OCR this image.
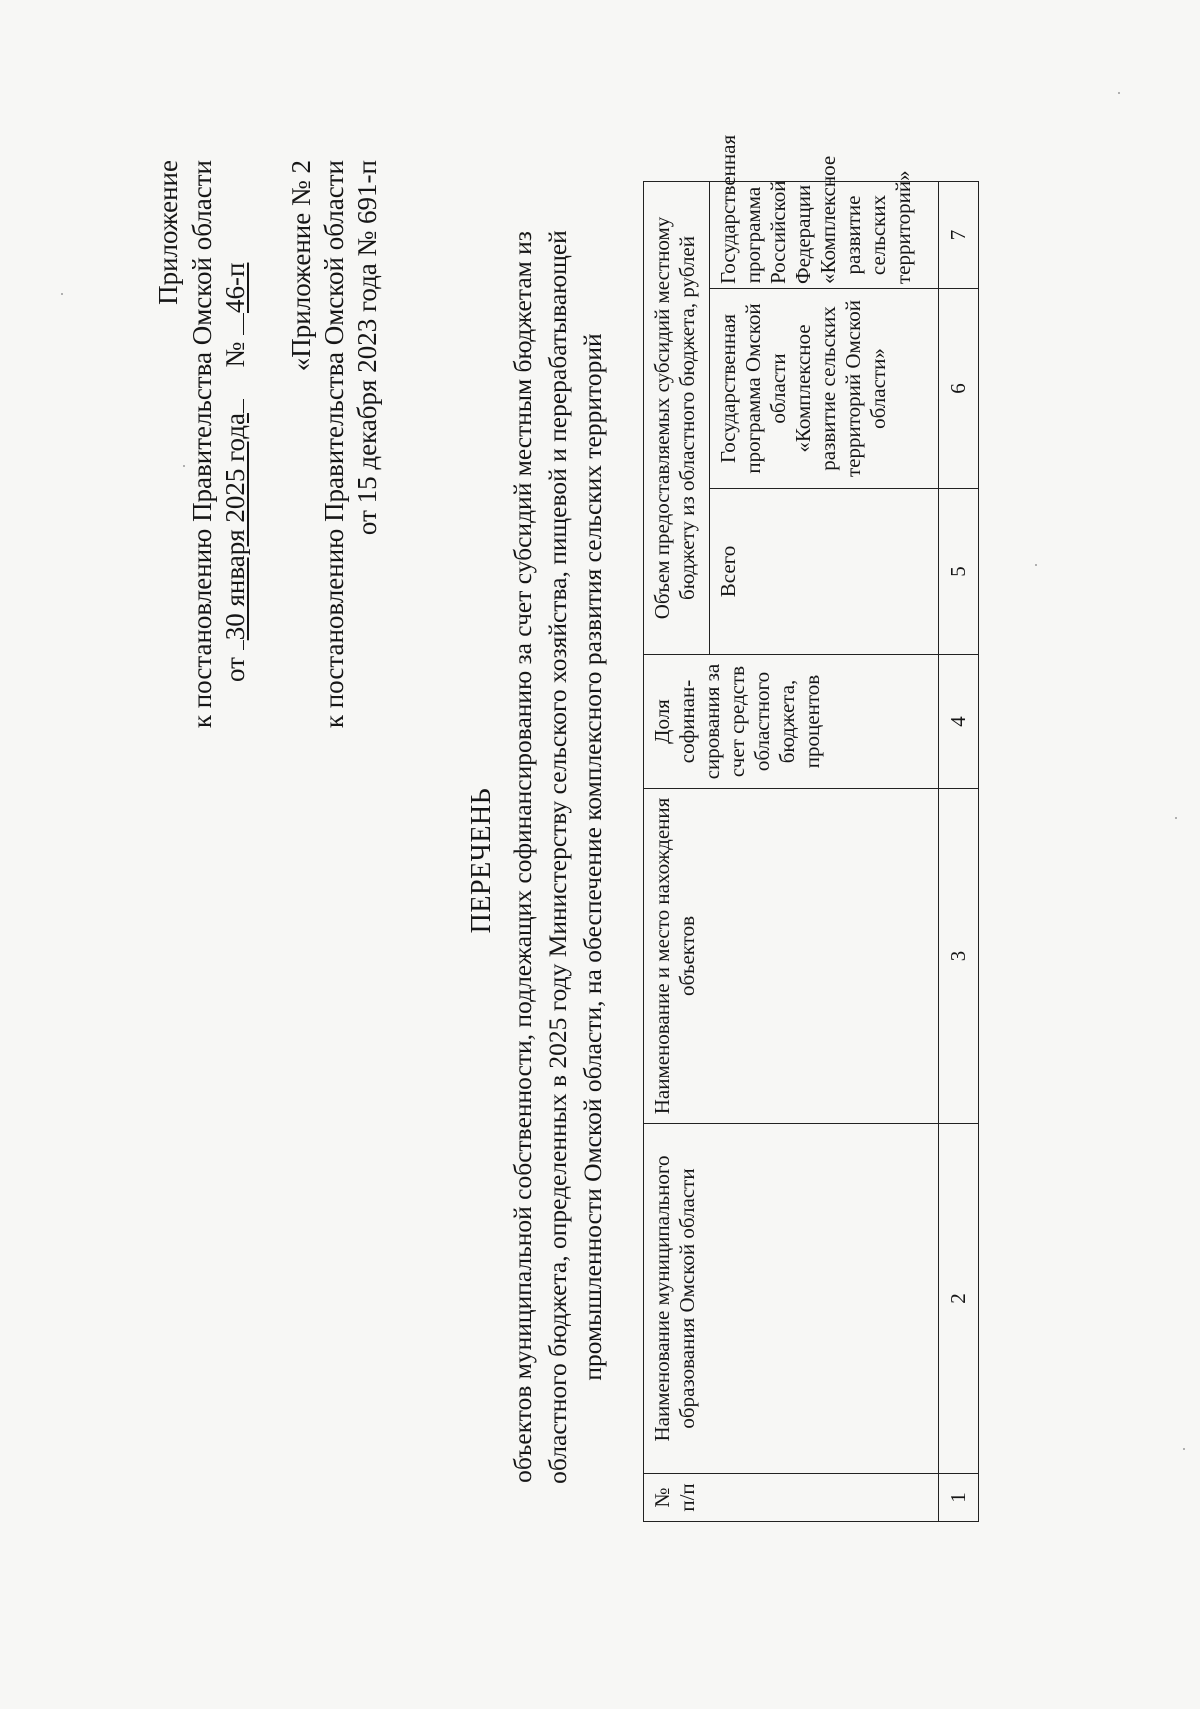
Приложение к постановлению Правительства Омской области от 30 января 2025 года  № 46-п «Приложение № 2 к постановлению Правительства Омской области от 15 декабря 2023 года № 691-п
ПЕРЕЧЕНЬ объектов муниципальной собственности, подлежащих софинансированию за счет субсидий местным бюджетам из областного бюджета, определенных в 2025 году Министерству сельского хозяйства, пищевой и перерабатывающей промышленности Омской области, на обеспечение комплексного развития сельских территорий
№ п/п	Наименование муниципального образования Омской области	Наименование и место нахождения объектов	Доля софинан-сирования за счет средств областного бюджета, процентов	Объем предоставляемых субсидий местному бюджету из областного бюджета, рублей		
				Всего	Государственная программа Омской области «Комплексное развитие сельских территорий Омской области»	Государственная программа Российской Федерации «Комплексное развитие сельских территорий»
1	2	3	4	5	6	7
